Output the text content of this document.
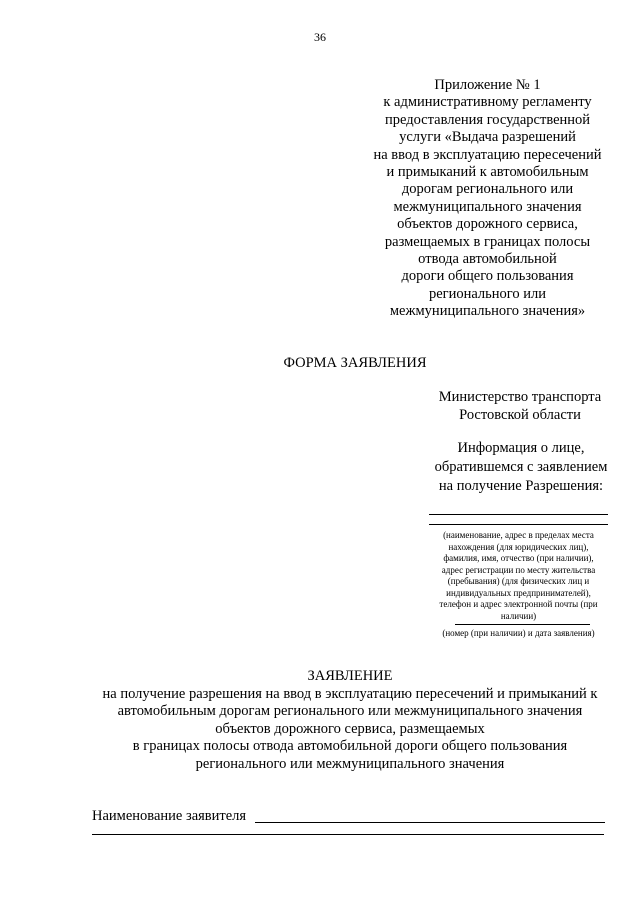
36
Приложение № 1
к административному регламенту
предоставления государственной
услуги «Выдача разрешений
на ввод в эксплуатацию пересечений
и примыканий к автомобильным
дорогам регионального или
межмуниципального значения
объектов дорожного сервиса,
размещаемых в границах полосы
отвода автомобильной
дороги общего пользования
регионального или
межмуниципального значения»
ФОРМА ЗАЯВЛЕНИЯ
Министерство транспорта
Ростовской области
Информация о лице,
обратившемся с заявлением
на получение Разрешения:
(наименование, адрес в пределах места
нахождения (для юридических лиц),
фамилия, имя, отчество (при наличии),
адрес регистрации по месту жительства
(пребывания) (для физических лиц и
индивидуальных предпринимателей),
телефон и адрес электронной почты (при
наличии)
(номер (при наличии) и дата заявления)
ЗАЯВЛЕНИЕ
на получение разрешения на ввод в эксплуатацию пересечений и примыканий к
автомобильным дорогам регионального или межмуниципального значения
объектов дорожного сервиса, размещаемых
в границах полосы отвода автомобильной дороги общего пользования
регионального или межмуниципального значения
Наименование заявителя
